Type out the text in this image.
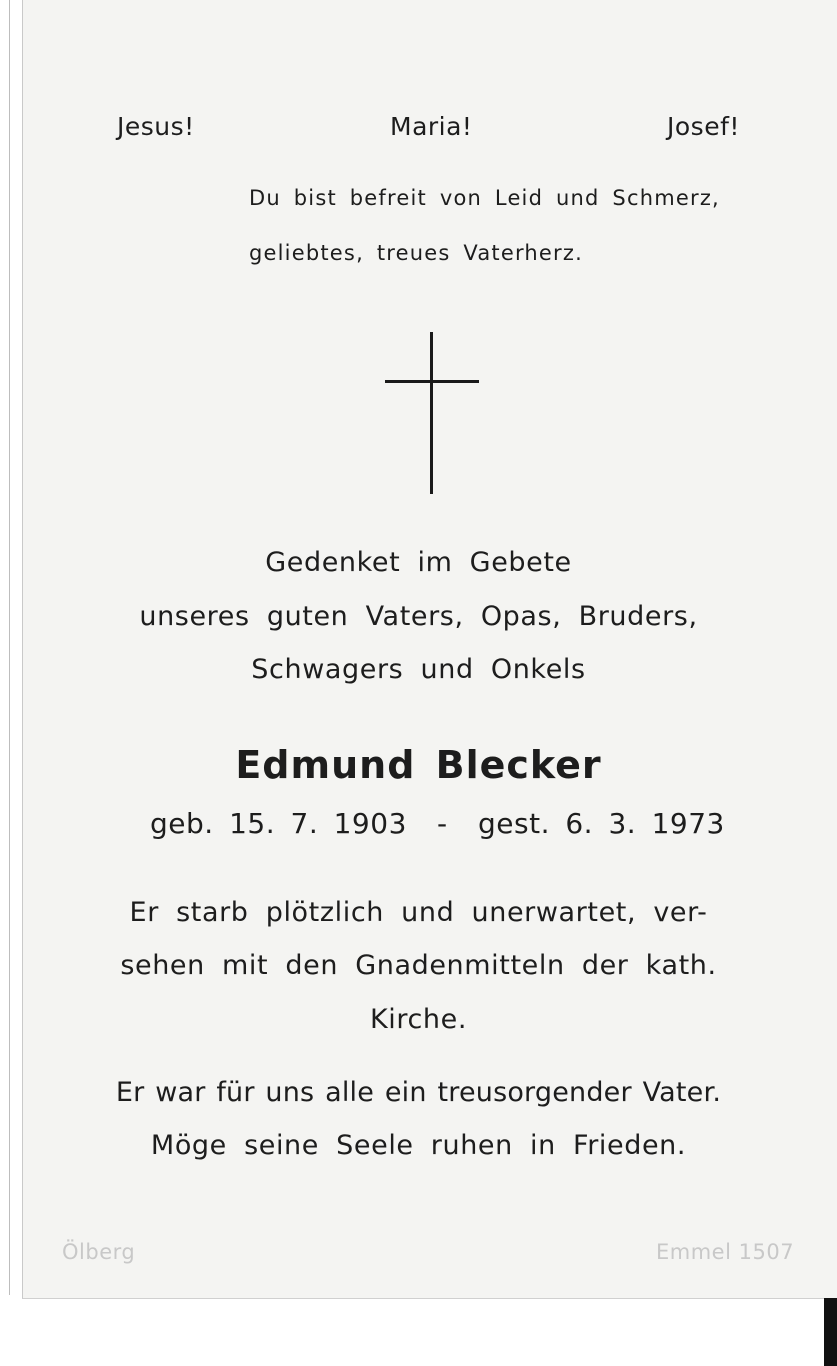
Jesus!	Maria!	Josef!
Du bist befreit von Leid und Schmerz,
geliebtes, treues Vaterherz.
Gedenket im Gebete
unseres guten Vaters, Opas, Bruders,
Schwagers und Onkels
Edmund Blecker
geb. 15. 7. 1903 - gest. 6. 3. 1973
Er starb plötzlich und unerwartet, ver-
sehen mit den Gnadenmitteln der kath.
Kirche.
Er war für uns alle ein treusorgender Vater.
Möge seine Seele ruhen in Frieden.
Ölberg	Emmel 1507
